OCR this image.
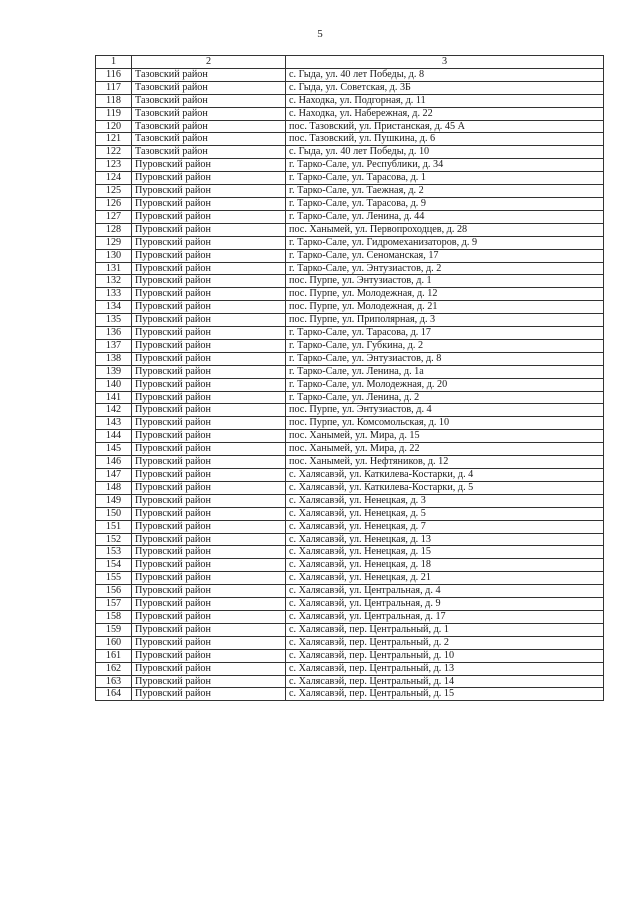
5
1	2	3
116	Тазовский район	с. Гыда, ул. 40 лет Победы, д. 8
117	Тазовский район	с. Гыда, ул. Советская, д. 3Б
118	Тазовский район	с. Находка, ул. Подгорная, д. 11
119	Тазовский район	с. Находка, ул. Набережная, д. 22
120	Тазовский район	пос. Тазовский, ул. Пристанская, д. 45 А
121	Тазовский район	пос. Тазовский, ул. Пушкина, д. 6
122	Тазовский район	с. Гыда, ул. 40 лет Победы, д. 10
123	Пуровский район	г. Тарко-Сале, ул. Республики, д. 34
124	Пуровский район	г. Тарко-Сале, ул. Тарасова, д. 1
125	Пуровский район	г. Тарко-Сале, ул. Таежная, д. 2
126	Пуровский район	г. Тарко-Сале, ул. Тарасова, д. 9
127	Пуровский район	г. Тарко-Сале, ул. Ленина, д. 44
128	Пуровский район	пос. Ханымей, ул. Первопроходцев, д. 28
129	Пуровский район	г. Тарко-Сале, ул. Гидромеханизаторов, д. 9
130	Пуровский район	г. Тарко-Сале, ул. Сеноманская, 17
131	Пуровский район	г. Тарко-Сале, ул. Энтузиастов, д. 2
132	Пуровский район	пос. Пурпе, ул. Энтузиастов, д. 1
133	Пуровский район	пос. Пурпе, ул. Молодежная, д. 12
134	Пуровский район	пос. Пурпе, ул. Молодежная, д. 21
135	Пуровский район	пос. Пурпе, ул. Приполярная, д. 3
136	Пуровский район	г. Тарко-Сале, ул. Тарасова, д. 17
137	Пуровский район	г. Тарко-Сале, ул. Губкина, д. 2
138	Пуровский район	г. Тарко-Сале, ул. Энтузиастов, д. 8
139	Пуровский район	г. Тарко-Сале, ул. Ленина, д. 1а
140	Пуровский район	г. Тарко-Сале, ул. Молодежная, д. 20
141	Пуровский район	г. Тарко-Сале, ул. Ленина, д. 2
142	Пуровский район	пос. Пурпе, ул. Энтузиастов, д. 4
143	Пуровский район	пос. Пурпе, ул. Комсомольская, д. 10
144	Пуровский район	пос. Ханымей, ул. Мира, д. 15
145	Пуровский район	пос. Ханымей, ул. Мира, д. 22
146	Пуровский район	пос. Ханымей, ул. Нефтяников, д. 12
147	Пуровский район	с. Халясавэй, ул. Каткилева-Костарки, д. 4
148	Пуровский район	с. Халясавэй, ул. Каткилева-Костарки, д. 5
149	Пуровский район	с. Халясавэй, ул. Ненецкая, д. 3
150	Пуровский район	с. Халясавэй, ул. Ненецкая, д. 5
151	Пуровский район	с. Халясавэй, ул. Ненецкая, д. 7
152	Пуровский район	с. Халясавэй, ул. Ненецкая, д. 13
153	Пуровский район	с. Халясавэй, ул. Ненецкая, д. 15
154	Пуровский район	с. Халясавэй, ул. Ненецкая, д. 18
155	Пуровский район	с. Халясавэй, ул. Ненецкая, д. 21
156	Пуровский район	с. Халясавэй, ул. Центральная, д. 4
157	Пуровский район	с. Халясавэй, ул. Центральная, д. 9
158	Пуровский район	с. Халясавэй, ул. Центральная, д. 17
159	Пуровский район	с. Халясавэй, пер. Центральный, д. 1
160	Пуровский район	с. Халясавэй, пер. Центральный, д. 2
161	Пуровский район	с. Халясавэй, пер. Центральный, д. 10
162	Пуровский район	с. Халясавэй, пер. Центральный, д. 13
163	Пуровский район	с. Халясавэй, пер. Центральный, д. 14
164	Пуровский район	с. Халясавэй, пер. Центральный, д. 15
